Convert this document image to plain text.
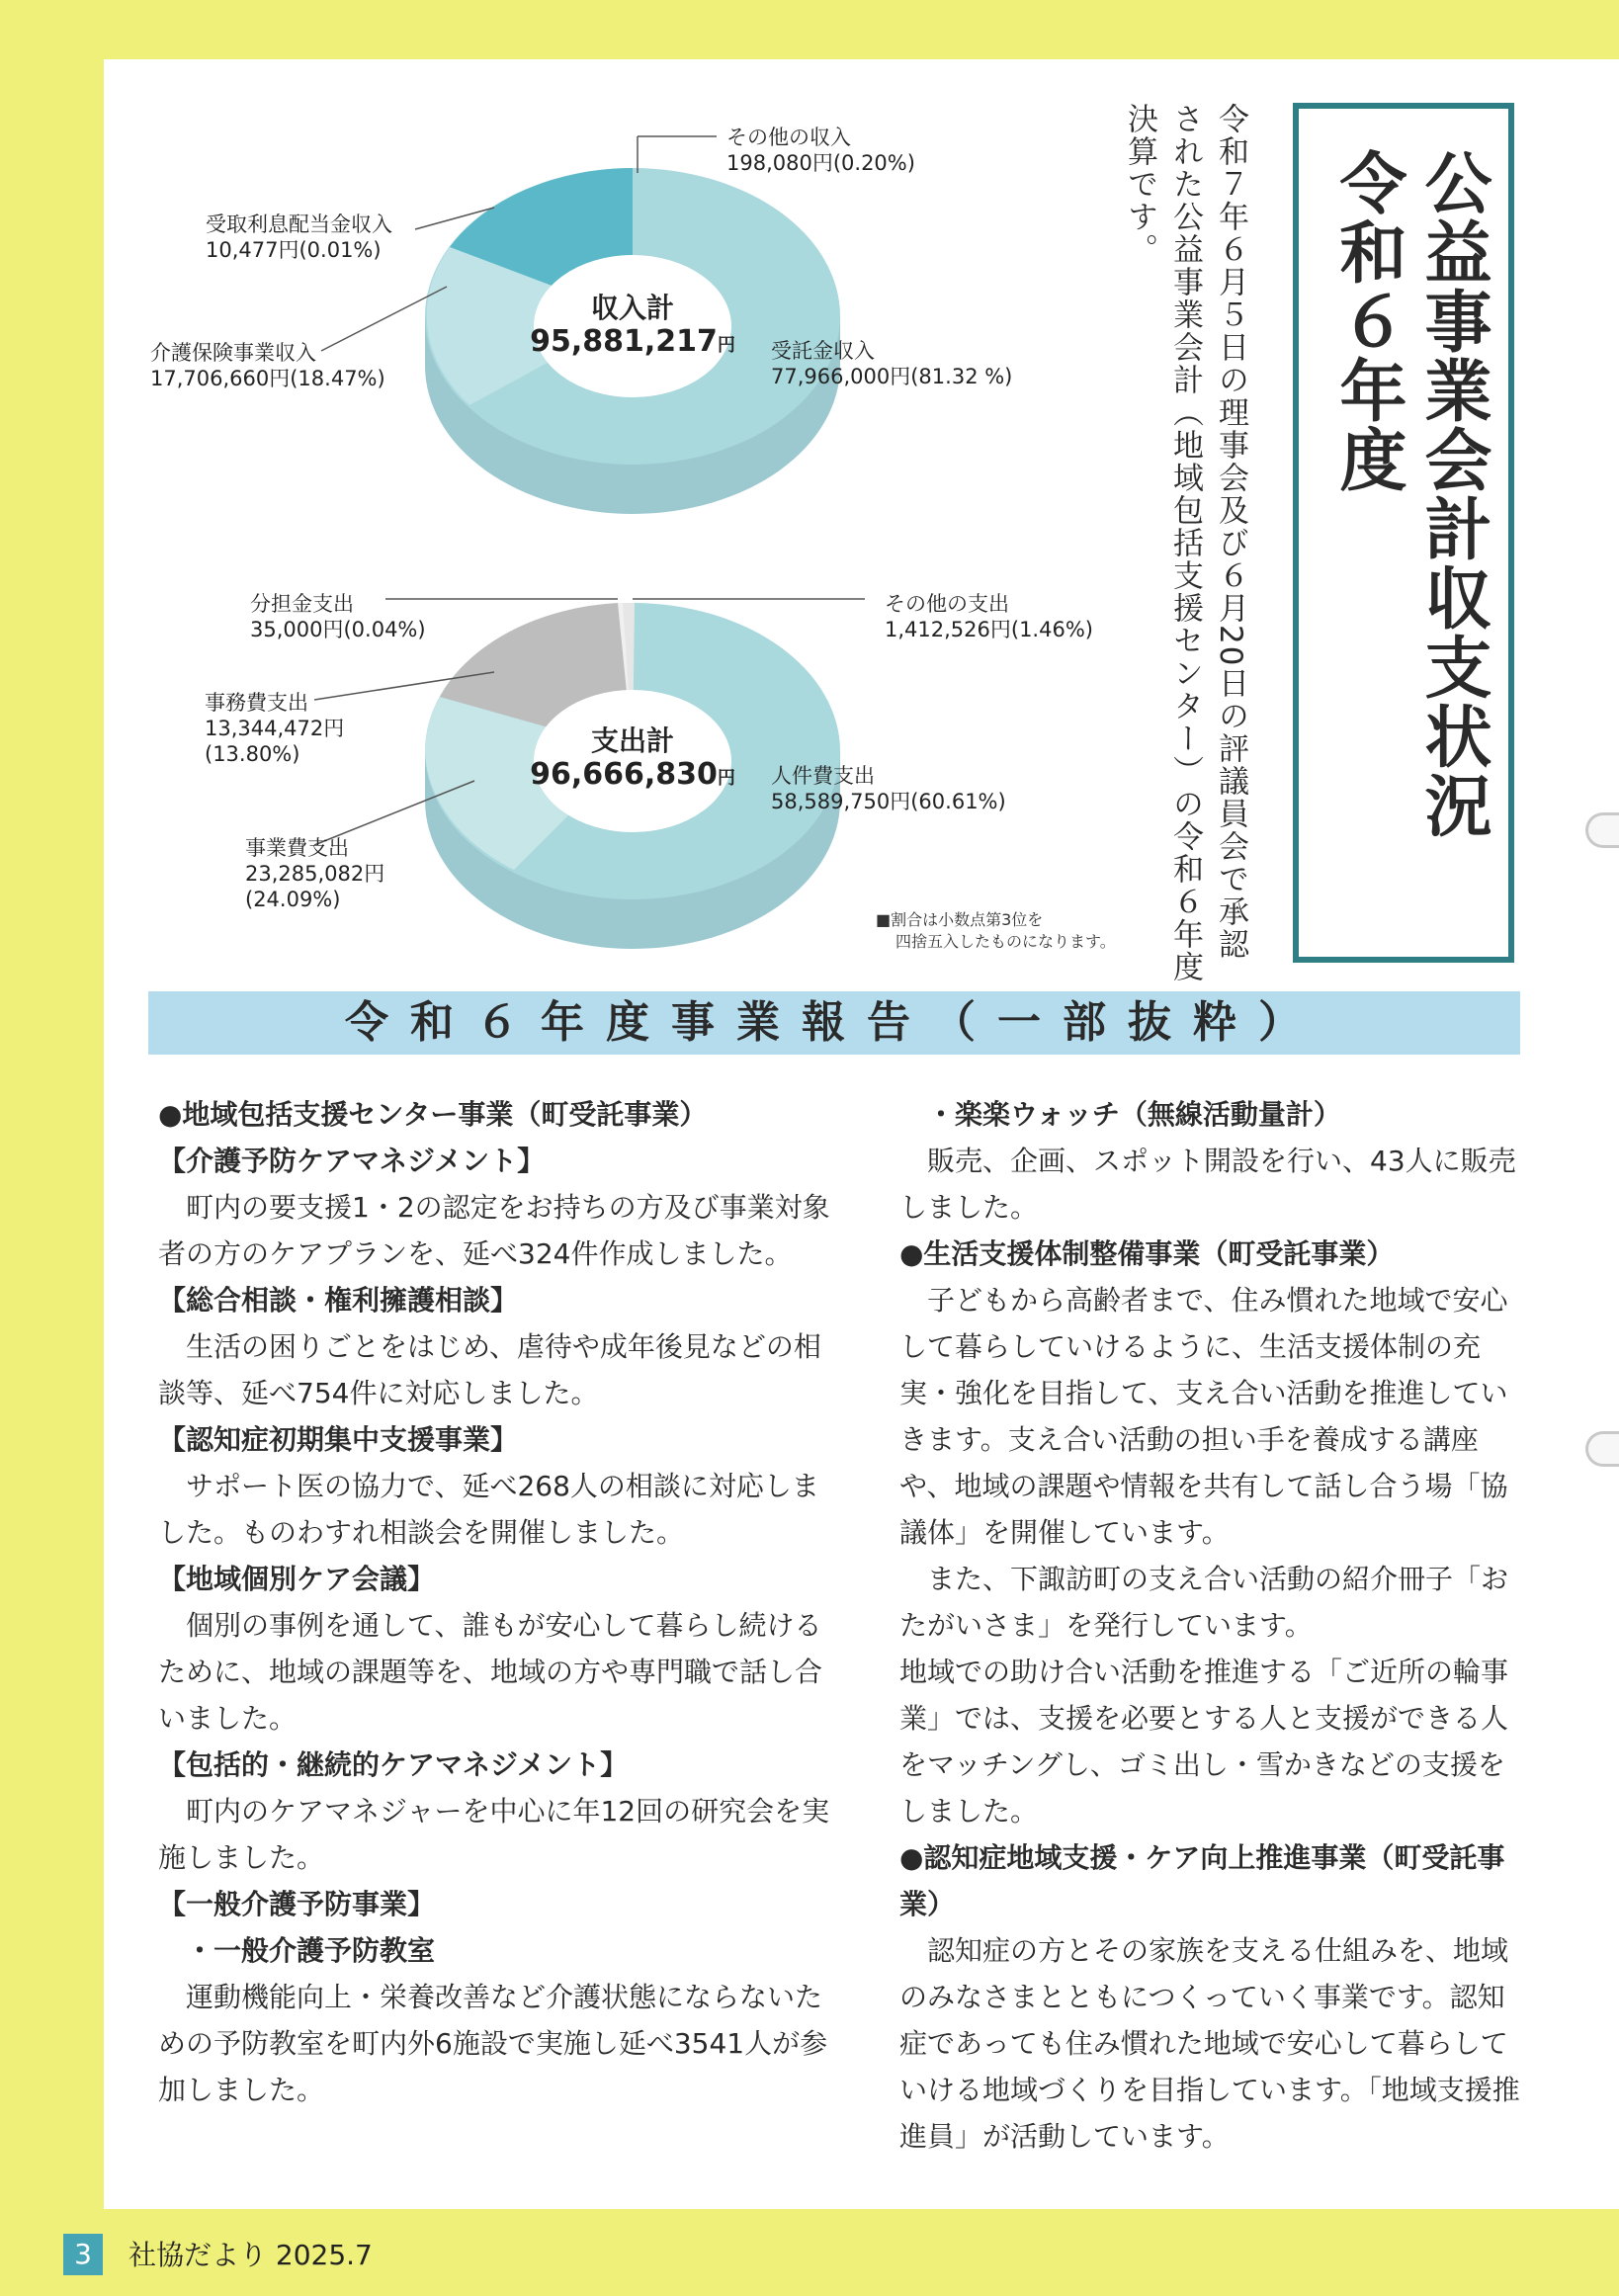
令和６年度 公益事業会計収支状況
令和７年６月５日の理事会及び６月20日の評議員会で承認された公益事業会計（地域包括支援センター）の令和６年度決算です。
その他の収入
198,080円(0.20%)
受取利息配当金収入
10,477円(0.01%)
介護保険事業収入
17,706,660円(18.47%)
受託金収入
77,966,000円(81.32 %)
収入計
95,881,217円
分担金支出
35,000円(0.04%)
その他の支出
1,412,526円(1.46%)
事務費支出
13,344,472円
(13.80%)
事業費支出
23,285,082円
(24.09%)
人件費支出
58,589,750円(60.61%)
支出計
96,666,830円
■割合は小数点第3位を
四捨五入したものになります。
令和６年度事業報告（一部抜粋）
●地域包括支援センター事業（町受託事業）
【介護予防ケアマネジメント】
町内の要支援1・2の認定をお持ちの方及び事業対象者の方のケアプランを、延べ324件作成しました。
【総合相談・権利擁護相談】
生活の困りごとをはじめ、虐待や成年後見などの相談等、延べ754件に対応しました。
【認知症初期集中支援事業】
サポート医の協力で、延べ268人の相談に対応しました。ものわすれ相談会を開催しました。
【地域個別ケア会議】
個別の事例を通して、誰もが安心して暮らし続けるために、地域の課題等を、地域の方や専門職で話し合いました。
【包括的・継続的ケアマネジメント】
町内のケアマネジャーを中心に年12回の研究会を実施しました。
【一般介護予防事業】
・一般介護予防教室
運動機能向上・栄養改善など介護状態にならないための予防教室を町内外6施設で実施し延べ3541人が参加しました。
・楽楽ウォッチ（無線活動量計）
販売、企画、スポット開設を行い、43人に販売しました。
●生活支援体制整備事業（町受託事業）
子どもから高齢者まで、住み慣れた地域で安心して暮らしていけるように、生活支援体制の充実・強化を目指して、支え合い活動を推進していきます。支え合い活動の担い手を養成する講座や、地域の課題や情報を共有して話し合う場「協議体」を開催しています。
また、下諏訪町の支え合い活動の紹介冊子「おたがいさま」を発行しています。
地域での助け合い活動を推進する「ご近所の輪事業」では、支援を必要とする人と支援ができる人をマッチングし、ゴミ出し・雪かきなどの支援をしました。
●認知症地域支援・ケア向上推進事業（町受託事業）
認知症の方とその家族を支える仕組みを、地域のみなさまとともにつくっていく事業です。認知症であっても住み慣れた地域で安心して暮らしていける地域づくりを目指しています。「地域支援推進員」が活動しています。
3	社協だより 2025.7
